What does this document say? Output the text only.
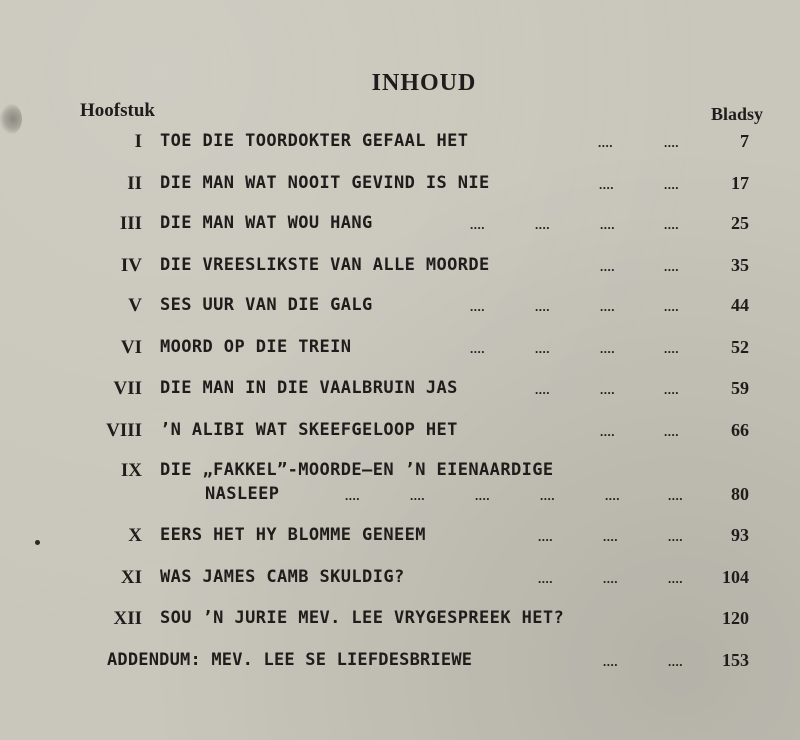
INHOUD
Hoofstuk	Bladsy
I TOE DIE TOORDOKTER GEFAAL HET	....	....	7
II DIE MAN WAT NOOIT GEVIND IS NIE	....	....	17
III DIE MAN WAT WOU HANG	....	....	....	....	25
IV DIE VREESLIKSTE VAN ALLE MOORDE	....	....	35
V SES UUR VAN DIE GALG	....	....	....	....	44
VI MOORD OP DIE TREIN	....	....	....	....	52
VII DIE MAN IN DIE VAALBRUIN JAS	....	....	....	59
VIII ’N ALIBI WAT SKEEFGELOOP HET	....	....	66
IX DIE „FAKKEL”-MOORDE—EN ’N EIENAARDIGE
NASLEEP	....	....	....	....	....	....	80
X EERS HET HY BLOMME GENEEM	....	....	....	93
XI WAS JAMES CAMB SKULDIG?	....	....	.... 104
XII SOU ’N JURIE MEV. LEE VRYGESPREEK HET?	120
ADDENDUM: MEV. LEE SE LIEFDESBRIEWE	....	.... 153
